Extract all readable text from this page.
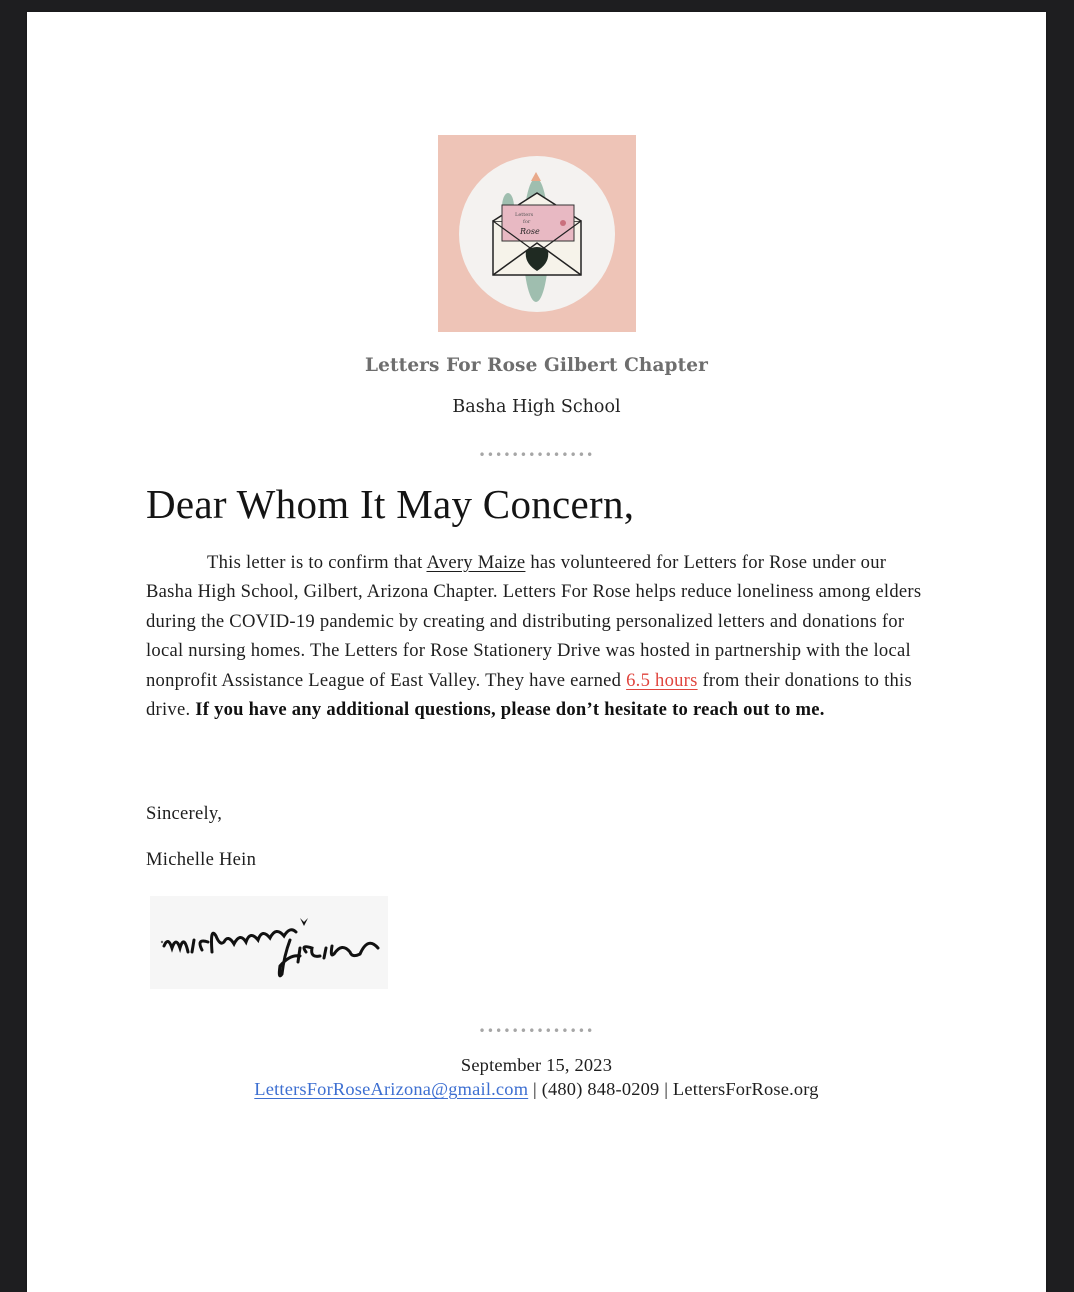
Letters
for
Rose
Letters For Rose Gilbert Chapter
Basha High School
••••••••••••••
Dear Whom It May Concern,

This letter is to confirm that Avery Maize has volunteered for Letters for Rose under our Basha High School, Gilbert, Arizona Chapter. Letters For Rose helps reduce loneliness among elders during the COVID-19 pandemic by creating and distributing personalized letters and donations for local nursing homes. The Letters for Rose Stationery Drive was hosted in partnership with the local nonprofit Assistance League of East Valley. They have earned 6.5 hours from their donations to this drive. If you have any additional questions, please don’t hesitate to reach out to me.

Sincerely,
Michelle Hein
••••••••••••••
September 15, 2023
LettersForRoseArizona@gmail.com | (480) 848-0209 | LettersForRose.org
